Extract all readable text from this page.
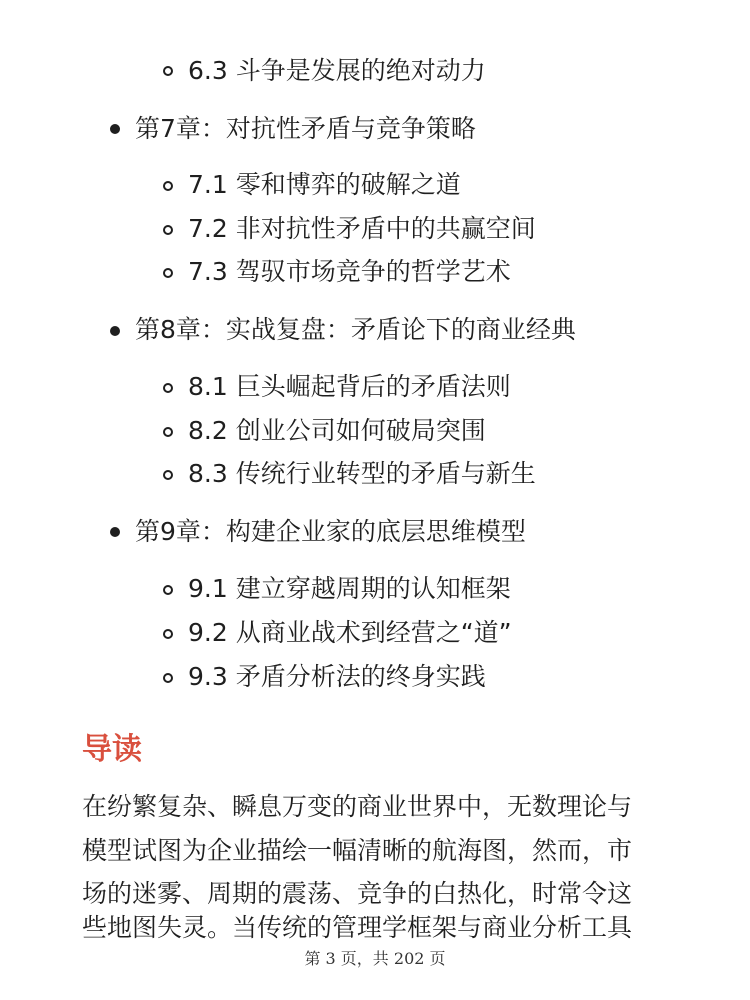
6.3 斗争是发展的绝对动力
第7章：对抗性矛盾与竞争策略
7.1 零和博弈的破解之道
7.2 非对抗性矛盾中的共赢空间
7.3 驾驭市场竞争的哲学艺术
第8章：实战复盘：矛盾论下的商业经典
8.1 巨头崛起背后的矛盾法则
8.2 创业公司如何破局突围
8.3 传统行业转型的矛盾与新生
第9章：构建企业家的底层思维模型
9.1 建立穿越周期的认知框架
9.2 从商业战术到经营之“道”
9.3 矛盾分析法的终身实践
导读
在纷繁复杂、瞬息万变的商业世界中，无数理论与
模型试图为企业描绘一幅清晰的航海图，然而，市
场的迷雾、周期的震荡、竞争的白热化，时常令这
些地图失灵。当传统的管理学框架与商业分析工具
第 3 页，共 202 页
